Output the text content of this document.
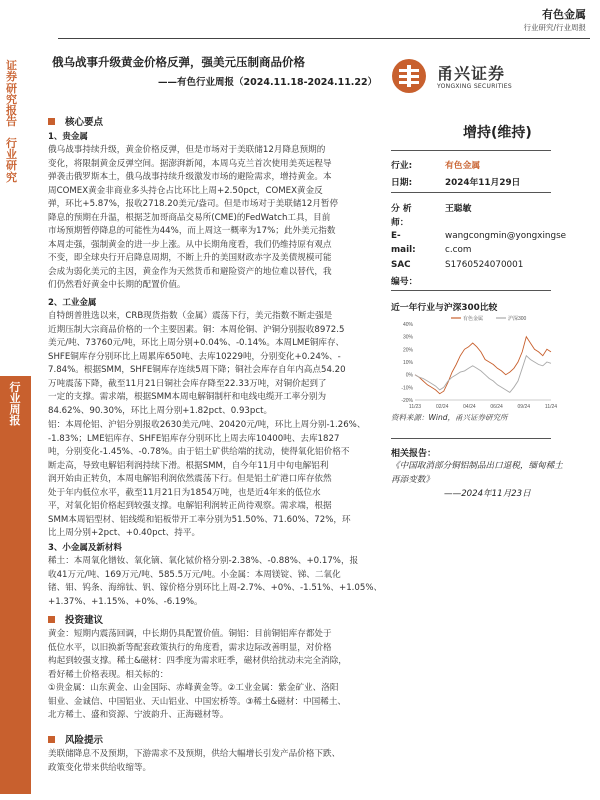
有色金属
行业研究/行业周报
证券研究报告
行业研究
行业周报
俄乌战事升级黄金价格反弹，强美元压制商品价格
——有色行业周报（2024.11.18-2024.11.22）	甬兴证券
YONGXING SECURITIES
核心要点
1、贵金属
俄乌战事持续升级，黄金价格反弹，但是市场对于美联储12月降息预期的
变化，将限制黄金反弹空间。据澎湃新闻，本周乌克兰首次使用美英远程导
弹袭击俄罗斯本土，俄乌战事持续升级激发市场的避险需求，增持黄金。本
周COMEX黄金非商业多头持仓占比环比上周+2.50pct，COMEX黄金反
弹，环比+5.87%，报收2718.20美元/盎司。但是市场对于美联储12月暂停
降息的预期在升温，根据芝加哥商品交易所(CME)的FedWatch工具，目前
市场预期暂停降息的可能性为44%，而上周这一概率为17%；此外美元指数
本周走强，强制黄金的进一步上涨。从中长期角度看，我们仍维持原有观点
不变，即全球央行开启降息周期，不断上升的美国财政赤字及美债规模可能
会成为弱化美元的主因，黄金作为天然货币和避险资产的地位难以替代，我
们仍然看好黄金中长期的配置价值。
2、工业金属
自特朗普胜选以来，CRB现货指数（金属）震荡下行，美元指数不断走强是
近期压制大宗商品价格的一个主要因素。铜：本周伦铜、沪铜分别报收8972.5
美元/吨、73760元/吨，环比上周分别+0.04%、-0.14%。本周LME铜库存、
SHFE铜库存分别环比上周累库650吨、去库10229吨，分别变化+0.24%、-
7.84%。根据SMM，SHFE铜库存连续5周下降；铜社会库存自年内高点54.20
万吨震荡下降，截至11月21日铜社会库存降至22.33万吨，对铜价起到了
一定的支撑。需求端，根据SMM本周电解铜制杆和电线电缆开工率分别为
84.62%、90.30%，环比上周分别+1.82pct、0.93pct。
铝：本周伦铝、沪铝分别报收2630美元/吨、20420元/吨，环比上周分别-1.26%、
-1.83%；LME铝库存、SHFE铝库存分别环比上周去库10400吨、去库1827
吨，分别变化-1.45%、-0.78%。由于铝土矿供给端的扰动，使得氧化铝价格不
断走高，导致电解铝利润持续下滑。根据SMM，自今年11月中旬电解铝利
润开始由正转负，本周电解铝利润依然震荡下行。但是铝土矿港口库存依然
处于年内低位水平，截至11月21日为1854万吨，也是近4年来的低位水
平，对氧化铝价格起到较强支撑。电解铝利润转正尚待观察。需求端，根据
SMM本周铝型材、铝线缆和铝板带开工率分别为51.50%、71.60%、72%，环
比上周分别+2pct、+0.40pct、持平。
3、小金属及新材料
稀土：本周氧化镨钕、氧化镝、氧化铽价格分别-2.38%、-0.88%、+0.17%，报
收41万元/吨、169万元/吨、585.5万元/吨。小金属：本周镁锭、锑、二氧化
锗、钼、钨条、海绵钛、钒、镓价格分别环比上周-2.7%、+0%、-1.51%、+1.05%、
+1.37%、+1.15%、+0%、-6.19%。
投资建议
黄金：短期内震荡回调，中长期仍具配置价值。铜铝：目前铜铝库存都处于
低位水平，以旧换新等配套政策执行的角度看，需求边际改善明显，对价格
构起到较强支撑。稀土&磁材：四季度为需求旺季，磁材供给扰动未完全消除，
看好稀土价格表现。相关标的：
①贵金属：山东黄金、山金国际、赤峰黄金等。②工业金属：紫金矿业、洛阳
钼业、金诚信、中国铝业、天山铝业、中国宏桥等。③稀土&磁材：中国稀土、
北方稀土、盛和资源、宁波韵升、正海磁材等。
风险提示
美联储降息不及预期，下游需求不及预期，供给大幅增长引发产品价格下跌、
政策变化带来供给收缩等。
增持(维持)
行业:	有色金属
日期:	2024年11月29日
分 析	王聪敏
师：
E-	wangcongmin@yongxingse
mail:	c.com
SAC	S1760524070001
编号：
近一年行业与沪深300比较
-20%
-10%
0%
10%
20%
30%
40%
11/23	02/24	04/24	06/24	09/24	11/24
有色金属	沪深300
资料来源：Wind，甬兴证券研究所
相关报告：
《中国取消部分铜铝制品出口退税，缅甸稀土再添变数》
——2024年11月23日
